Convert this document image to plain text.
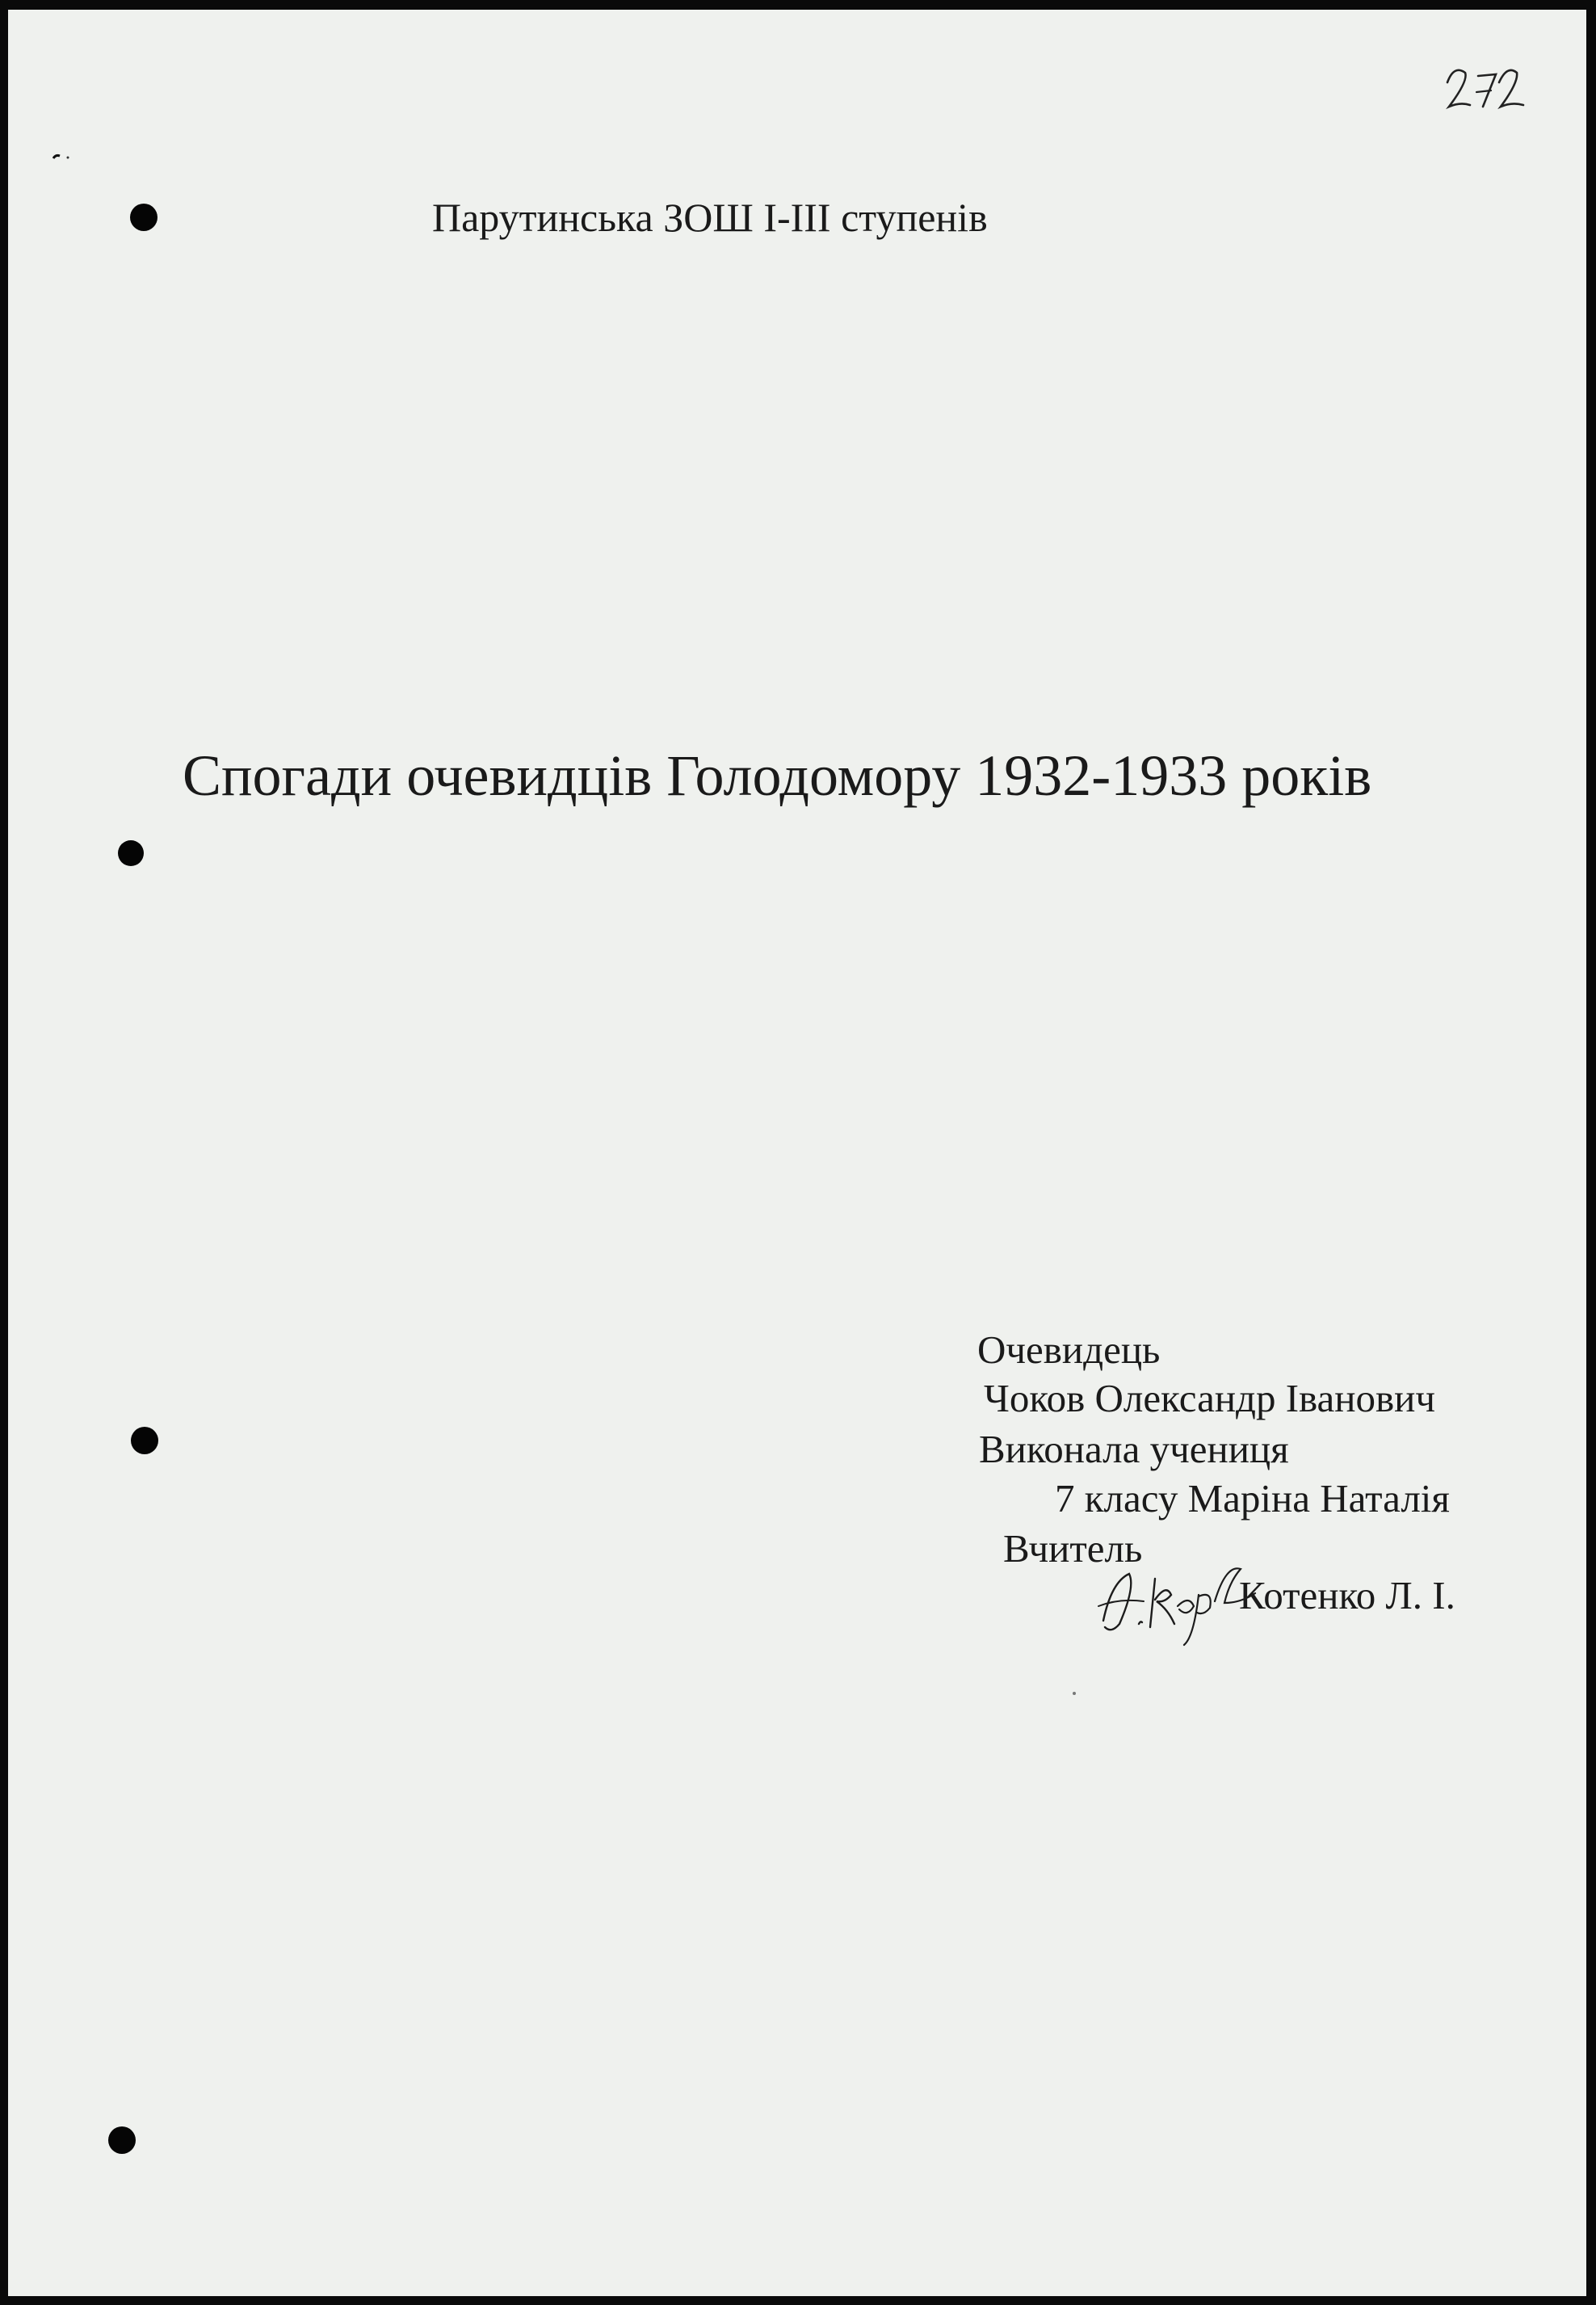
Парутинська ЗОШ І-ІІІ ступенів
Спогади очевидців Голодомору 1932-1933 років
Очевидець
Чоков Олександр Іванович
Виконала учениця
7 класу Маріна Наталія
Вчитель
Котенко Л. І.
